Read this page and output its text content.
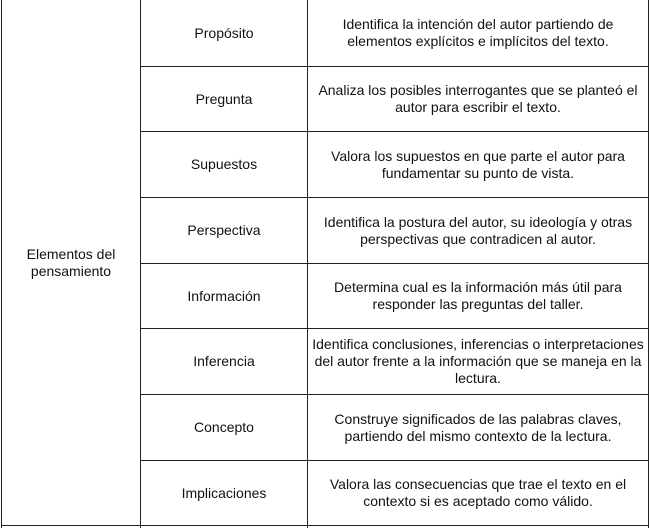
Elementos del pensamiento
Propósito
Identifica la intención del autor partiendo de elementos explícitos e implícitos del texto.
Pregunta
Analiza los posibles interrogantes que se planteó el autor para escribir el texto.
Supuestos
Valora los supuestos en que parte el autor para fundamentar su punto de vista.
Perspectiva
Identifica la postura del autor, su ideología y otras perspectivas que contradicen al autor.
Información
Determina cual es la información más útil para responder las preguntas del taller.
Inferencia
Identifica conclusiones, inferencias o interpretaciones del autor frente a la información que se maneja en la lectura.
Concepto
Construye significados de las palabras claves, partiendo del mismo contexto de la lectura.
Implicaciones
Valora las consecuencias que trae el texto en el contexto si es aceptado como válido.
